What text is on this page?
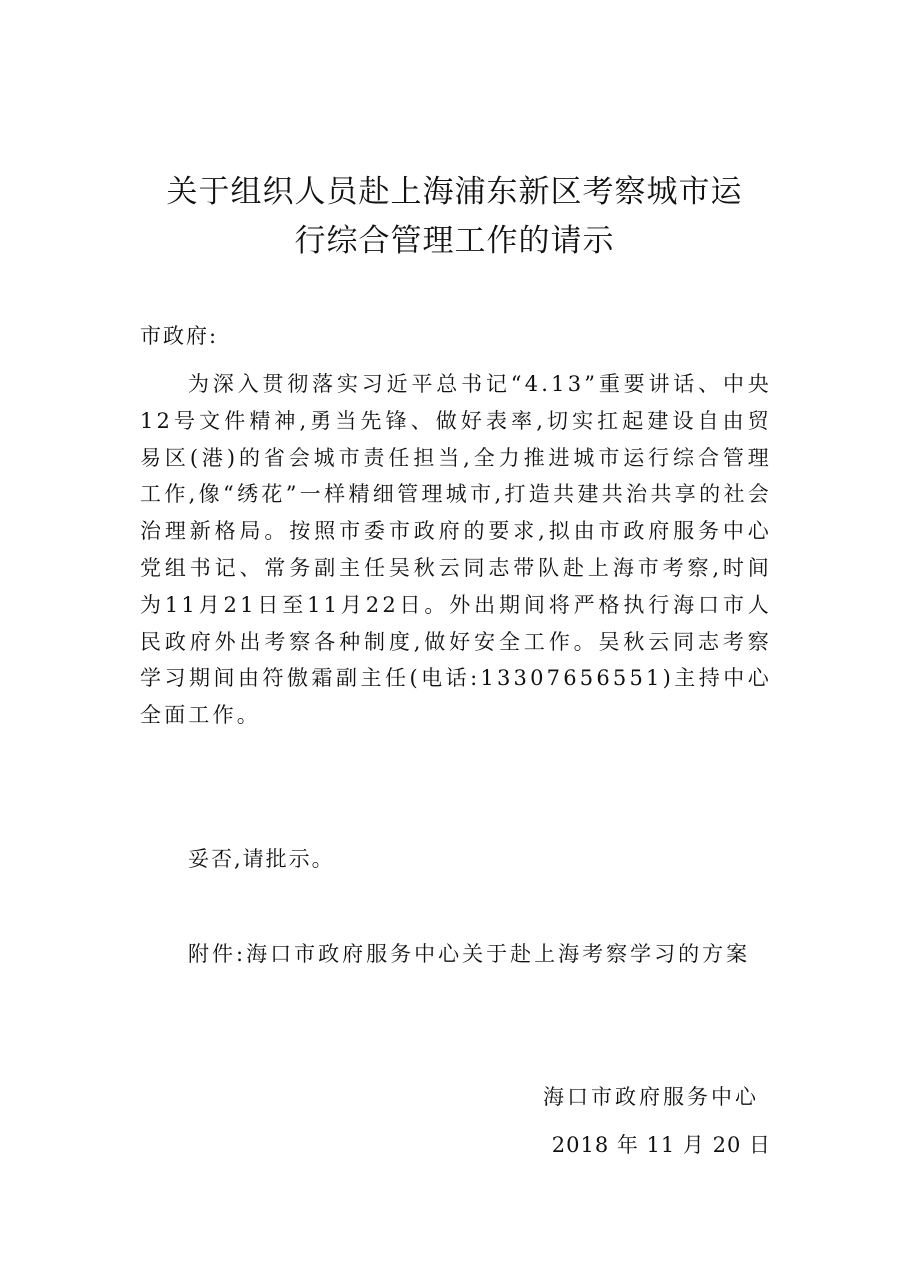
关于组织人员赴上海浦东新区考察城市运
行综合管理工作的请示
市政府:

为深入贯彻落实习近平总书记“4.13”重要讲话、中央12号文件精神,勇当先锋、做好表率,切实扛起建设自由贸易区(港)的省会城市责任担当,全力推进城市运行综合管理工作,像“绣花”一样精细管理城市,打造共建共治共享的社会治理新格局。按照市委市政府的要求,拟由市政府服务中心党组书记、常务副主任吴秋云同志带队赴上海市考察,时间为11月21日至11月22日。外出期间将严格执行海口市人民政府外出考察各种制度,做好安全工作。吴秋云同志考察学习期间由符傲霜副主任(电话:13307656551)主持中心全面工作。

妥否,请批示。
附件:海口市政府服务中心关于赴上海考察学习的方案
海口市政府服务中心
2018 年 11 月 20 日
